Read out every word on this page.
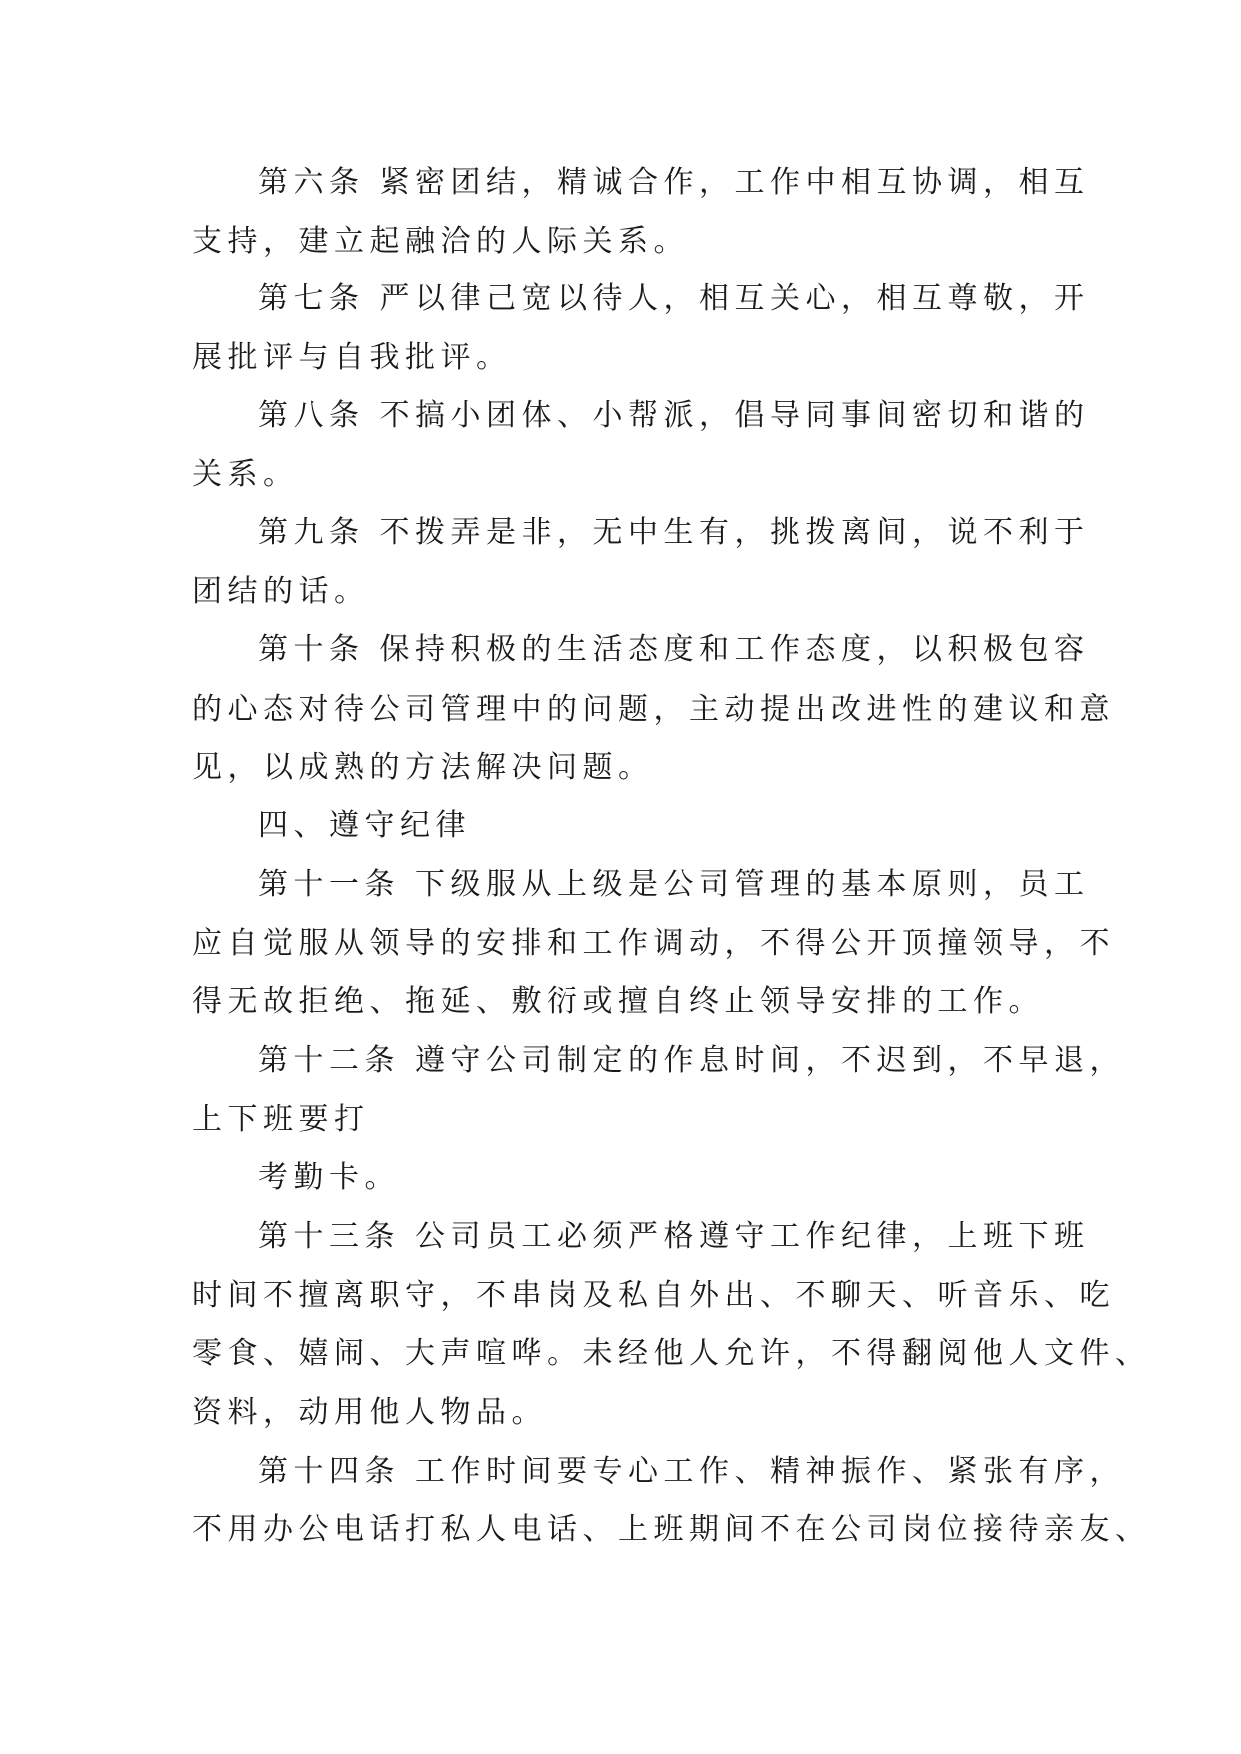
第六条 紧密团结，精诚合作，工作中相互协调，相互
支持，建立起融洽的人际关系。
第七条 严以律己宽以待人，相互关心，相互尊敬，开
展批评与自我批评。
第八条 不搞小团体、小帮派，倡导同事间密切和谐的
关系。
第九条 不拨弄是非，无中生有，挑拨离间，说不利于
团结的话。
第十条 保持积极的生活态度和工作态度，以积极包容
的心态对待公司管理中的问题，主动提出改进性的建议和意
见，以成熟的方法解决问题。
四、遵守纪律
第十一条 下级服从上级是公司管理的基本原则，员工
应自觉服从领导的安排和工作调动，不得公开顶撞领导，不
得无故拒绝、拖延、敷衍或擅自终止领导安排的工作。
第十二条 遵守公司制定的作息时间，不迟到，不早退，
上下班要打
考勤卡。
第十三条 公司员工必须严格遵守工作纪律，上班下班
时间不擅离职守，不串岗及私自外出、不聊天、听音乐、吃
零食、嬉闹、大声喧哗。未经他人允许，不得翻阅他人文件、
资料，动用他人物品。
第十四条 工作时间要专心工作、精神振作、紧张有序，
不用办公电话打私人电话、上班期间不在公司岗位接待亲友、
